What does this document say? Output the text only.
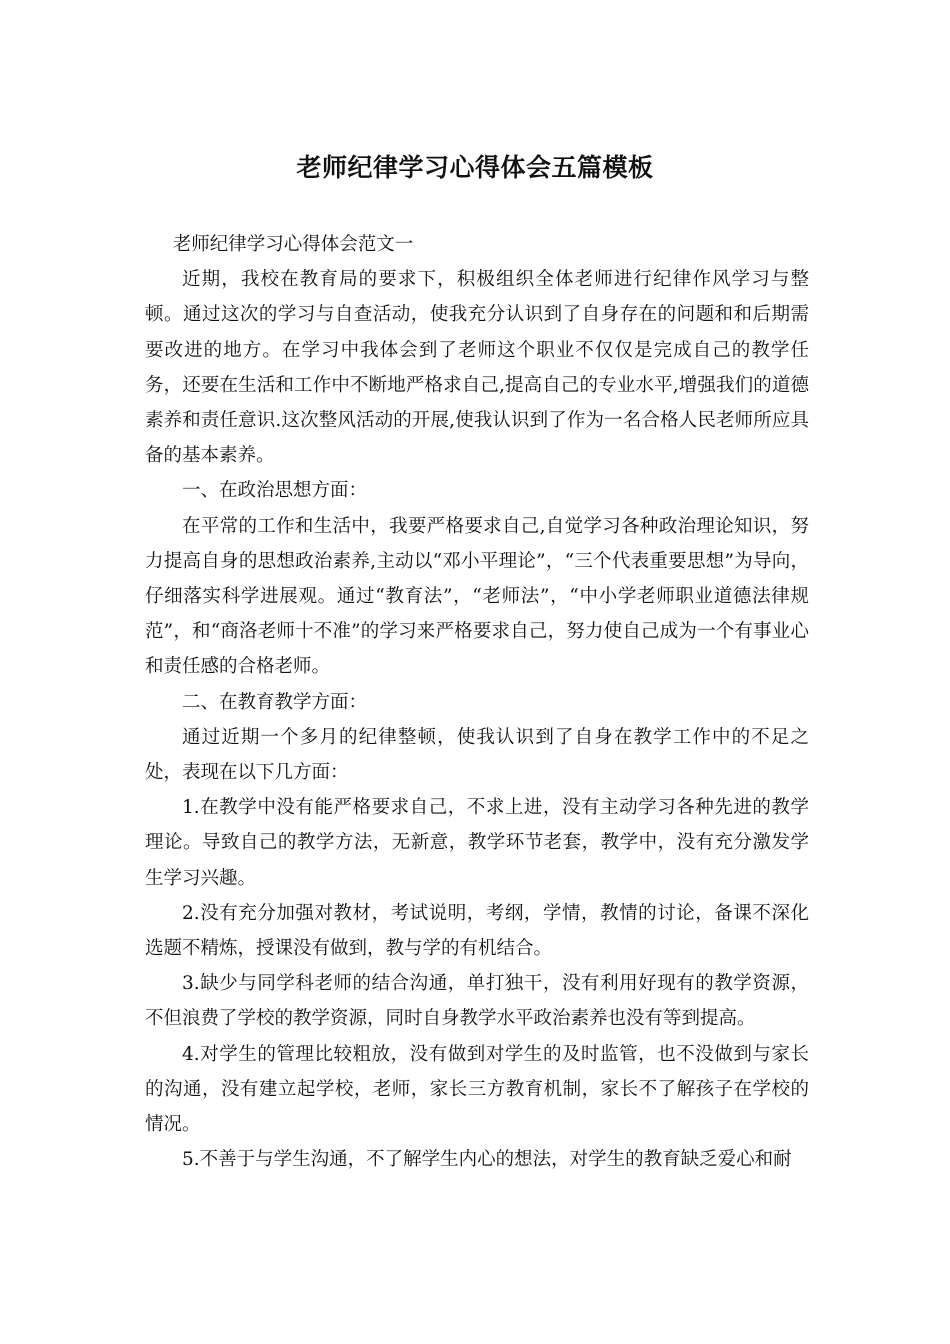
老师纪律学习心得体会五篇模板

老师纪律学习心得体会范文一

近期，我校在教育局的要求下，积极组织全体老师进行纪律作风学习与整顿。通过这次的学习与自查活动，使我充分认识到了自身存在的问题和和后期需要改进的地方。在学习中我体会到了老师这个职业不仅仅是完成自己的教学任务，还要在生活和工作中不断地严格求自己,提高自己的专业水平,增强我们的道德素养和责任意识.这次整风活动的开展,使我认识到了作为一名合格人民老师所应具备的基本素养。

一、在政治思想方面：

在平常的工作和生活中，我要严格要求自己,自觉学习各种政治理论知识，努力提高自身的思想政治素养,主动以“邓小平理论”，“三个代表重要思想”为导向，仔细落实科学进展观。通过“教育法”，“老师法”，“中小学老师职业道德法律规范”，和“商洛老师十不准”的学习来严格要求自己，努力使自己成为一个有事业心和责任感的合格老师。

二、在教育教学方面：

通过近期一个多月的纪律整顿，使我认识到了自身在教学工作中的不足之处，表现在以下几方面：

1.在教学中没有能严格要求自己，不求上进，没有主动学习各种先进的教学理论。导致自己的教学方法，无新意，教学环节老套，教学中，没有充分激发学生学习兴趣。

2.没有充分加强对教材，考试说明，考纲，学情，教情的讨论，备课不深化选题不精炼，授课没有做到，教与学的有机结合。

3.缺少与同学科老师的结合沟通，单打独干，没有利用好现有的教学资源，不但浪费了学校的教学资源，同时自身教学水平政治素养也没有等到提高。

4.对学生的管理比较粗放，没有做到对学生的及时监管，也不没做到与家长的沟通，没有建立起学校，老师，家长三方教育机制，家长不了解孩子在学校的情况。

5.不善于与学生沟通，不了解学生内心的想法，对学生的教育缺乏爱心和耐
